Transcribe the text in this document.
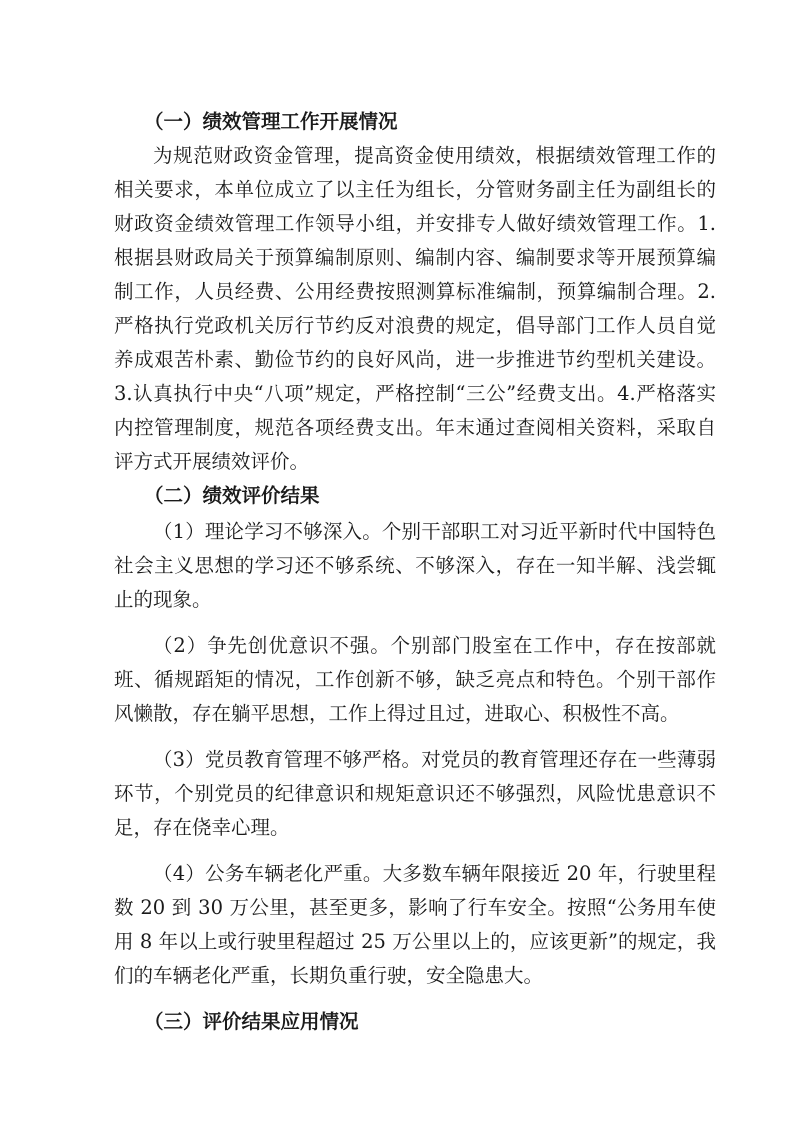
（一）绩效管理工作开展情况

为规范财政资金管理，提高资金使用绩效，根据绩效管理工作的相关要求，本单位成立了以主任为组长，分管财务副主任为副组长的财政资金绩效管理工作领导小组，并安排专人做好绩效管理工作。1.根据县财政局关于预算编制原则、编制内容、编制要求等开展预算编制工作，人员经费、公用经费按照测算标准编制，预算编制合理。2.严格执行党政机关厉行节约反对浪费的规定，倡导部门工作人员自觉养成艰苦朴素、勤俭节约的良好风尚，进一步推进节约型机关建设。3.认真执行中央“八项”规定，严格控制“三公”经费支出。4.严格落实内控管理制度，规范各项经费支出。年末通过查阅相关资料，采取自评方式开展绩效评价。

（二）绩效评价结果

（1）理论学习不够深入。个别干部职工对习近平新时代中国特色社会主义思想的学习还不够系统、不够深入，存在一知半解、浅尝辄止的现象。

（2）争先创优意识不强。个别部门股室在工作中，存在按部就班、循规蹈矩的情况，工作创新不够，缺乏亮点和特色。个别干部作风懒散，存在躺平思想，工作上得过且过，进取心、积极性不高。

（3）党员教育管理不够严格。对党员的教育管理还存在一些薄弱环节，个别党员的纪律意识和规矩意识还不够强烈，风险忧患意识不足，存在侥幸心理。

（4）公务车辆老化严重。大多数车辆年限接近 20 年，行驶里程数 20 到 30 万公里，甚至更多，影响了行车安全。按照“公务用车使用 8 年以上或行驶里程超过 25 万公里以上的，应该更新”的规定，我们的车辆老化严重，长期负重行驶，安全隐患大。

（三）评价结果应用情况
